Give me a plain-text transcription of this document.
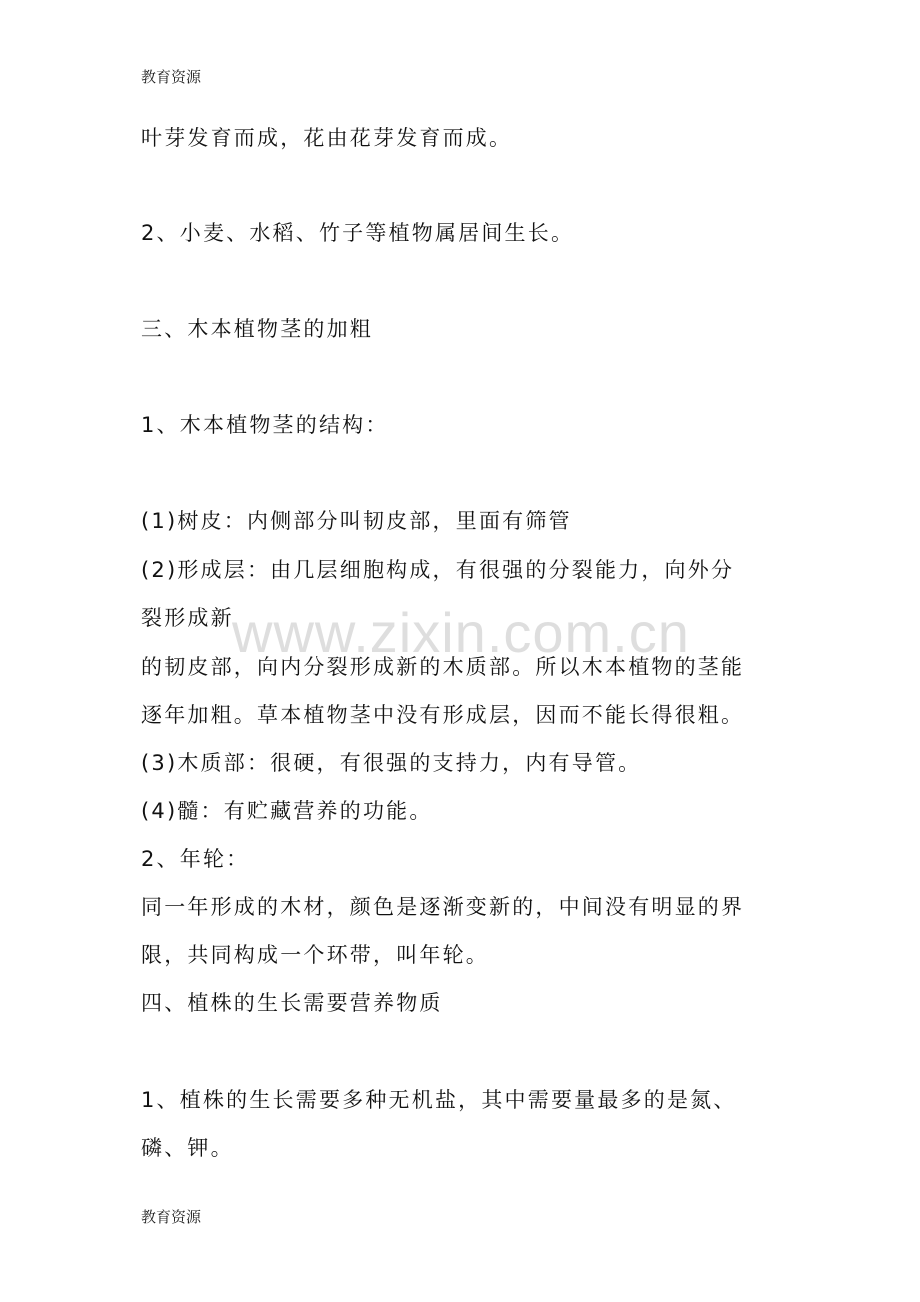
教育资源
叶芽发育而成，花由花芽发育而成。
2、小麦、水稻、竹子等植物属居间生长。
三、木本植物茎的加粗
1、木本植物茎的结构：
(1)树皮：内侧部分叫韧皮部，里面有筛管
(2)形成层：由几层细胞构成，有很强的分裂能力，向外分
裂形成新
的韧皮部，向内分裂形成新的木质部。所以木本植物的茎能
逐年加粗。草本植物茎中没有形成层，因而不能长得很粗。
(3)木质部：很硬，有很强的支持力，内有导管。
(4)髓：有贮藏营养的功能。
2、年轮：
同一年形成的木材，颜色是逐渐变新的，中间没有明显的界
限，共同构成一个环带，叫年轮。
四、植株的生长需要营养物质
1、植株的生长需要多种无机盐，其中需要量最多的是氮、
磷、钾。
www.zixin.com.cn
教育资源
